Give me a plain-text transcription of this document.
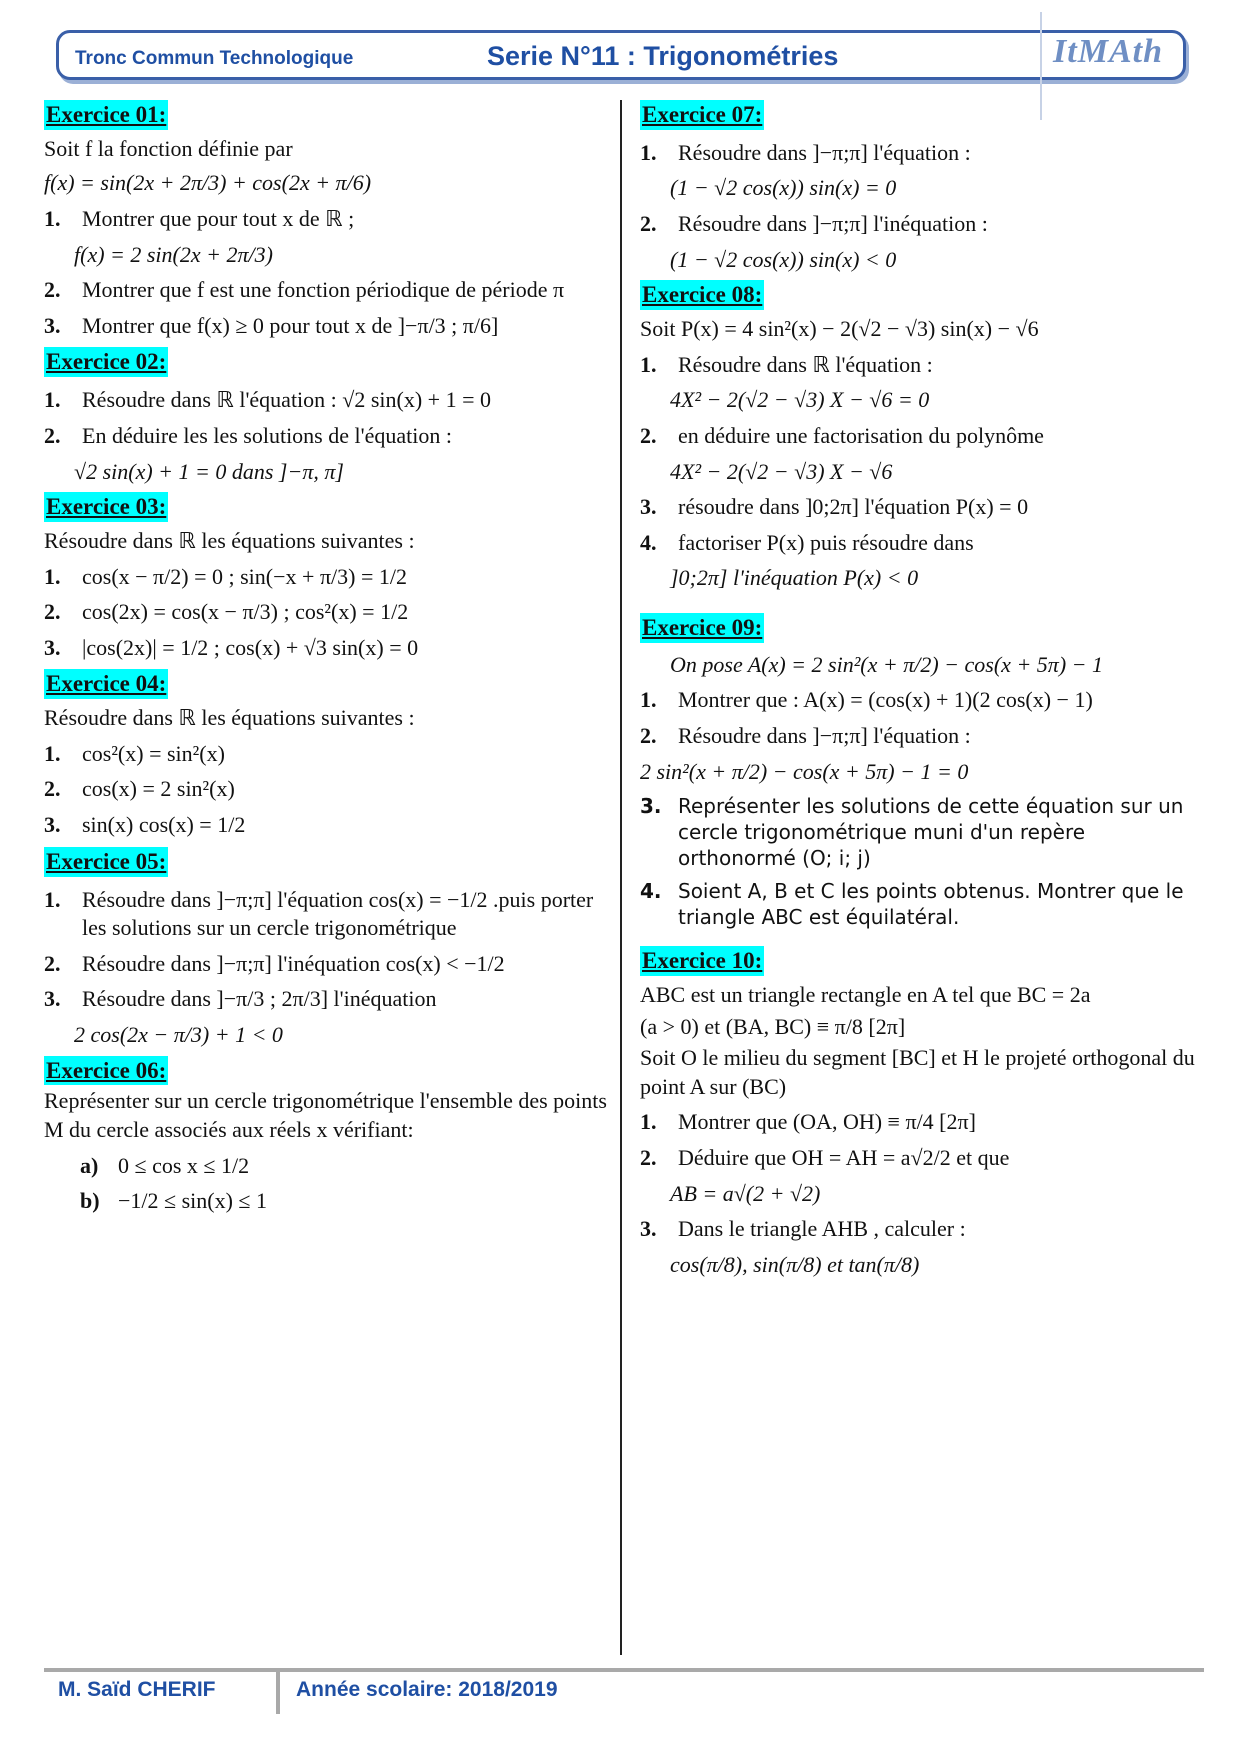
Tronc Commun Technologique	Serie N°11 : Trigonométries	ItMAth
Exercice 01:
Soit f la fonction définie par
f(x) = sin(2x + 2π/3) + cos(2x + π/6)
1. Montrer que pour tout x de ℝ ;
f(x) = 2 sin(2x + 2π/3)
2. Montrer que f est une fonction périodique de période π
3. Montrer que f(x) ≥ 0 pour tout x de ]−π/3 ; π/6]
Exercice 02:
1. Résoudre dans ℝ l'équation : √2 sin(x) + 1 = 0
2. En déduire les les solutions de l'équation :
√2 sin(x) + 1 = 0 dans ]−π, π]
Exercice 03:
Résoudre dans ℝ les équations suivantes :
1. cos(x − π/2) = 0 ; sin(−x + π/3) = 1/2
2. cos(2x) = cos(x − π/3) ; cos²(x) = 1/2
3. |cos(2x)| = 1/2 ; cos(x) + √3 sin(x) = 0
Exercice 04:
Résoudre dans ℝ les équations suivantes :
1. cos²(x) = sin²(x)
2. cos(x) = 2 sin²(x)
3. sin(x) cos(x) = 1/2
Exercice 05:
1. Résoudre dans ]−π;π] l'équation cos(x) = −1/2 .puis porter les solutions sur un cercle trigonométrique
2. Résoudre dans ]−π;π] l'inéquation cos(x) < −1/2
3. Résoudre dans ]−π/3 ; 2π/3] l'inéquation
2 cos(2x − π/3) + 1 < 0
Exercice 06:
Représenter sur un cercle trigonométrique l'ensemble des points M du cercle associés aux réels x vérifiant:
a) 0 ≤ cos x ≤ 1/2
b) −1/2 ≤ sin(x) ≤ 1
Exercice 07:
1. Résoudre dans ]−π;π] l'équation :
(1 − √2 cos(x)) sin(x) = 0
2. Résoudre dans ]−π;π] l'inéquation :
(1 − √2 cos(x)) sin(x) < 0
Exercice 08:
Soit P(x) = 4 sin²(x) − 2(√2 − √3) sin(x) − √6
1. Résoudre dans ℝ l'équation :
4X² − 2(√2 − √3) X − √6 = 0
2. en déduire une factorisation du polynôme
4X² − 2(√2 − √3) X − √6
3. résoudre dans ]0;2π] l'équation P(x) = 0
4. factoriser P(x) puis résoudre dans
]0;2π] l'inéquation P(x) < 0
Exercice 09:
On pose A(x) = 2 sin²(x + π/2) − cos(x + 5π) − 1
1. Montrer que : A(x) = (cos(x) + 1)(2 cos(x) − 1)
2. Résoudre dans ]−π;π] l'équation :
2 sin²(x + π/2) − cos(x + 5π) − 1 = 0
3. Représenter les solutions de cette équation sur un cercle trigonométrique muni d'un repère orthonormé (O; i; j)
4. Soient A, B et C les points obtenus. Montrer que le triangle ABC est équilatéral.
Exercice 10:
ABC est un triangle rectangle en A tel que BC = 2a
(a > 0) et (BA, BC) ≡ π/8 [2π]
Soit O le milieu du segment [BC] et H le projeté orthogonal du point A sur (BC)
1. Montrer que (OA, OH) ≡ π/4 [2π]
2. Déduire que OH = AH = a√2/2 et que
AB = a√(2 + √2)
3. Dans le triangle AHB , calculer :
cos(π/8), sin(π/8) et tan(π/8)
M. Saïd CHERIF	Année scolaire: 2018/2019
